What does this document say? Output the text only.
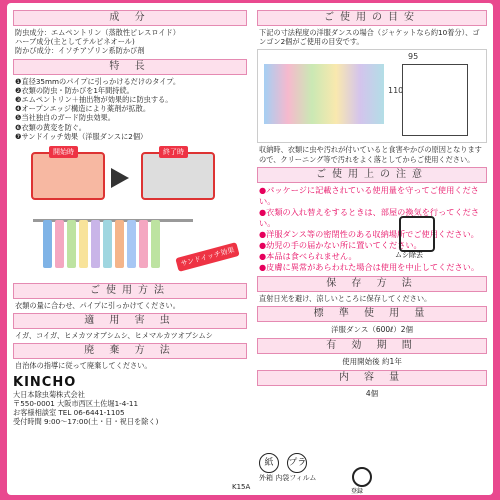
成 分
防虫成分：エムペントリン（蒸散性ピレスロイド）
ハーブ成分(主としてテルピネオール)
防かび成分：イソチアゾリン系防かび剤
特 長
❶直径35mmのパイプに引っかけるだけのタイプ。
❷衣類の防虫・防かびを1年間持続。
❸エムペントリン＋抽出物が効果的に防虫する。
❹オープンエッジ構造により薬剤が拡散。
❺当社独自のガード防虫効果。
❻衣類の黄変を防ぐ。
❼サンドイッチ効果（洋服ダンスに2個）
開始時	終了時
サンドイッチ効果
ご使用方法
衣類の量に合わせ、パイプに引っかけてください。
適 用 害 虫
イガ、コイガ、ヒメカツオブシムシ、ヒメマルカツオブシムシ
廃 棄 方 法
自治体の指導に従って廃棄してください。
KINCHO
大日本除虫菊株式会社
〒550-0001 大阪市西区土佐堀1-4-11
お客様相談室 TEL 06-6441-1105
受付時間 9:00〜17:00(土・日・祝日を除く)
ご使用の目安
下記の寸法程度の洋服ダンスの場合（ジャケットなら約10着分）、ゴンゴン2個がご使用の目安です。
95
110
収納時、衣類に虫や汚れが付いていると食害やかびの原因となりますので、クリーニング等で汚れをよく落としてからご使用ください。
ご使用上の注意
●パッケージに記載されている使用量を守ってご使用ください。
●衣類の入れ替えをするときは、部屋の換気を行ってください。
●洋服ダンス等の密閉性のある収納場所でご使用ください。
●幼児の手の届かない所に置いてください。
●本品は食べられません。
●皮膚に異常があらわれた場合は使用を中止してください。
保 存 方 法
直射日光を避け、涼しいところに保存してください。
標 準 使 用 量
洋服ダンス（600ℓ）2個
有 効 期 間
使用開始後 約1年
内 容 量
4個
ムシ除去
紙 プラ
外箱 内袋フィルム
登録
K15A
